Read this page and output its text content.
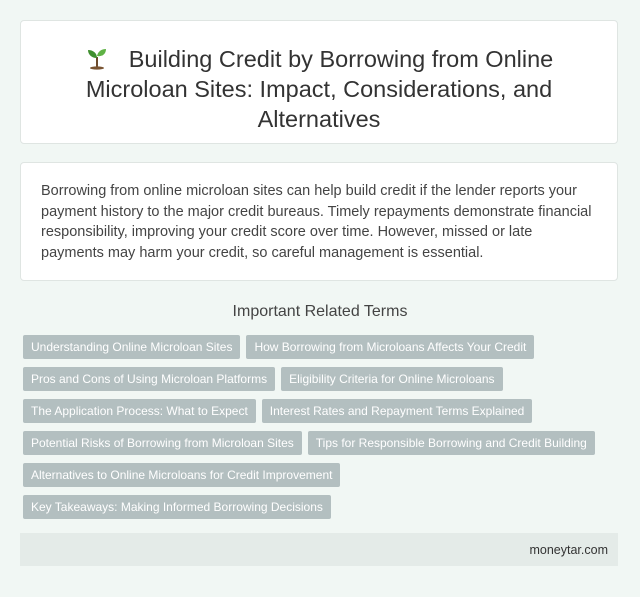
Building Credit by Borrowing from Online Microloan Sites: Impact, Considerations, and Alternatives

Borrowing from online microloan sites can help build credit if the lender reports your payment history to the major credit bureaus. Timely repayments demonstrate financial responsibility, improving your credit score over time. However, missed or late payments may harm your credit, so careful management is essential.

Important Related Terms
Understanding Online Microloan Sites	How Borrowing from Microloans Affects Your Credit
Pros and Cons of Using Microloan Platforms	Eligibility Criteria for Online Microloans
The Application Process: What to Expect	Interest Rates and Repayment Terms Explained
Potential Risks of Borrowing from Microloan Sites	Tips for Responsible Borrowing and Credit Building
Alternatives to Online Microloans for Credit Improvement
Key Takeaways: Making Informed Borrowing Decisions
moneytar.com
